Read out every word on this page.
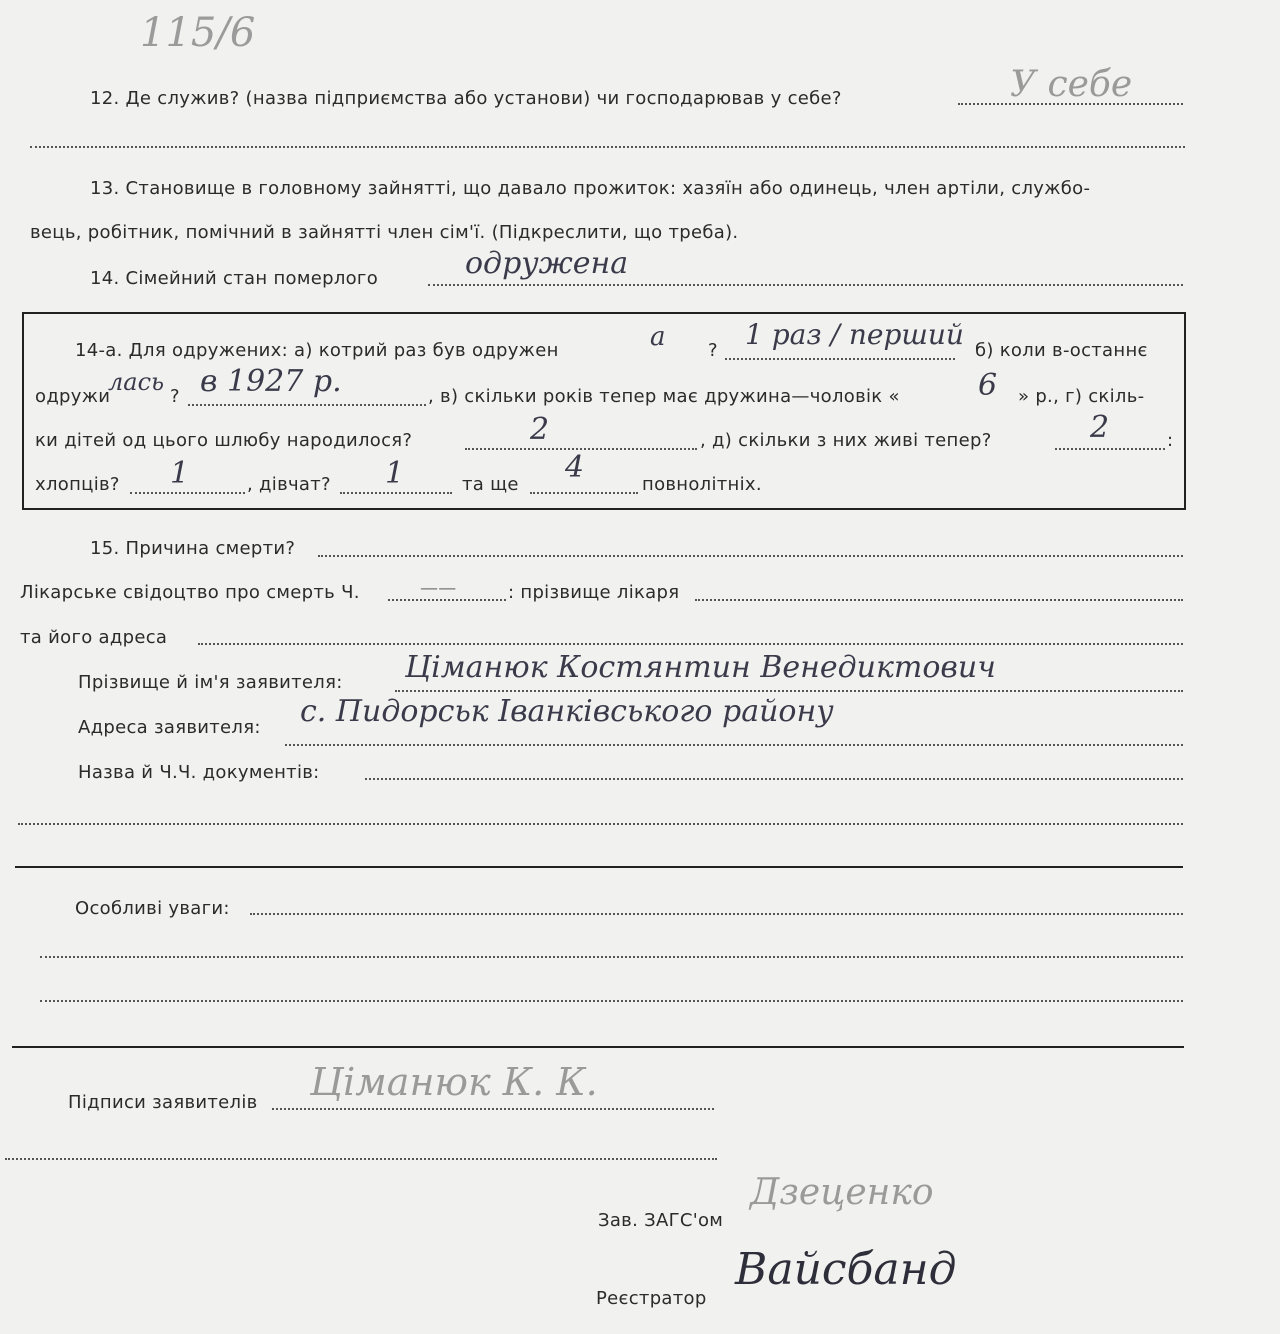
115/6
12. Де служив? (назва підприємства або установи) чи господарював у себе?	У себе
13. Становище в головному зайнятті, що давало прожиток: хазяїн або одинець, член артіли, службо-
вець, робітник, помічний в зайнятті член сім'ї. (Підкреслити, що треба).
14. Сімейний стан померлого	одружена
14-а. Для одружених: а) котрий раз був одружен	а ? 1 раз / перший б) коли в-останнє
одружи
лась
? в 1927 р.	, в) скільки років тепер має дружина—чоловік «	6 » р., г) скіль-
ки дітей од цього шлюбу народилося?	2	, д) скільки з них живі тепер?	2	:
хлопців? 1	, дівчат? 1	та ще 4	повнолітніх.
15. Причина смерти?
Лікарське свідоцтво про смерть Ч.	——	: прізвище лікаря
та його адреса
Прізвище й ім'я заявителя: Ціманюк Костянтин Венедиктович
Адреса заявителя: с. Пидорськ Іванківського району
Назва й Ч.Ч. документів:
Особливі уваги:
Підписи заявителів Ціманюк К. К.
Зав. ЗАГС'ом
Дзеценко
Реєстратор
Вайсбанд
